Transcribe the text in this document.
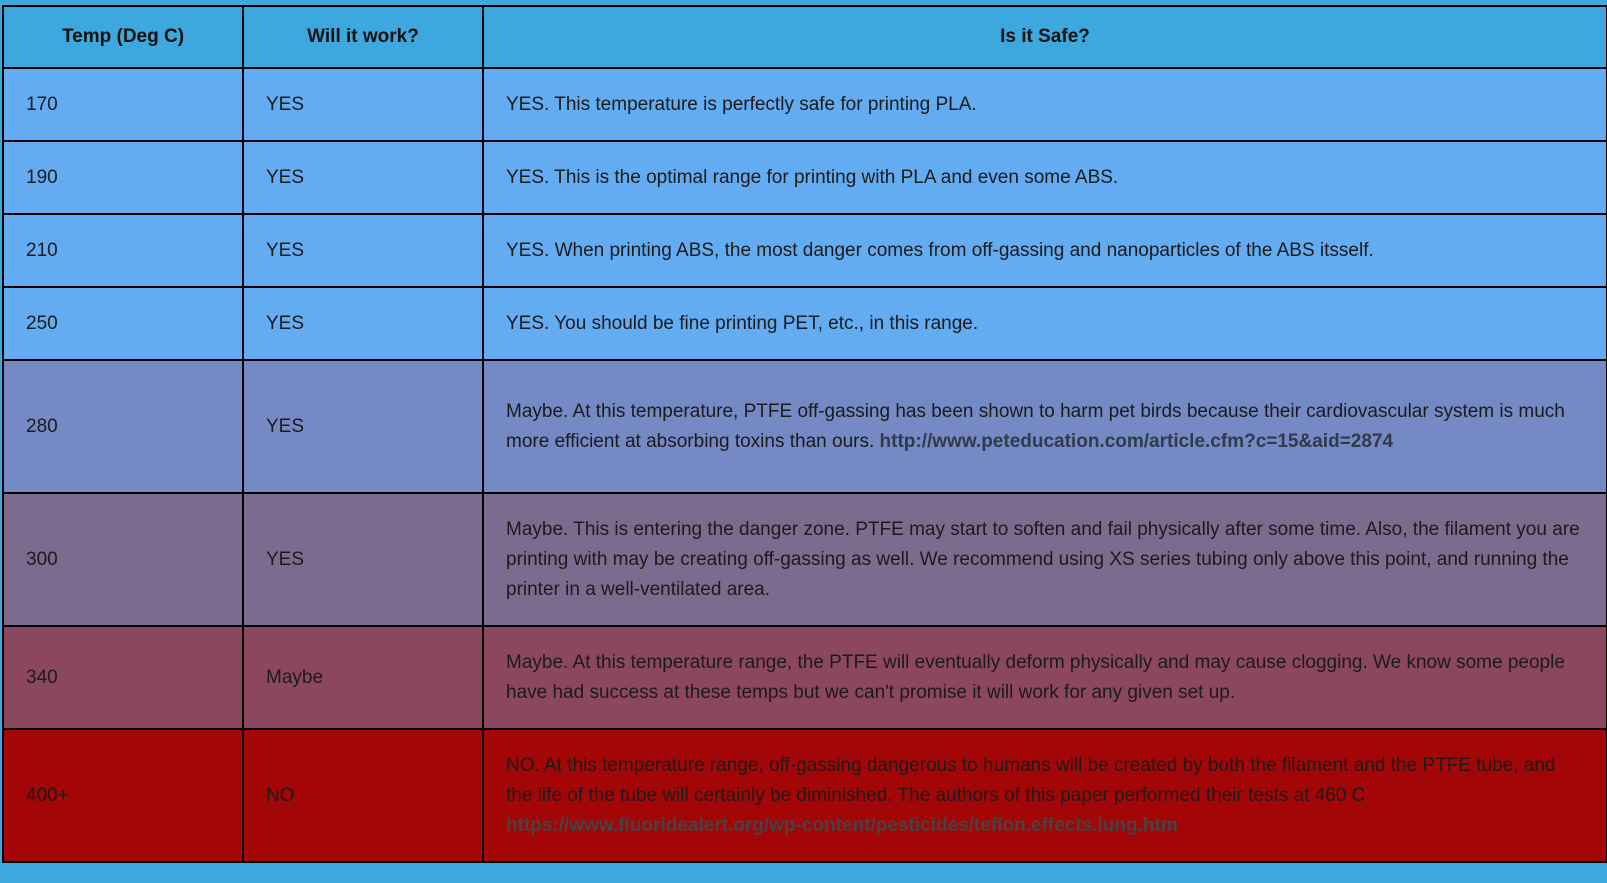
Temp (Deg C)	Will it work?	Is it Safe?
170	YES	YES. This temperature is perfectly safe for printing PLA.
190	YES	YES. This is the optimal range for printing with PLA and even some ABS.
210	YES	YES. When printing ABS, the most danger comes from off-gassing and nanoparticles of the ABS itsself.
250	YES	YES. You should be fine printing PET, etc., in this range.
280	YES	Maybe. At this temperature, PTFE off-gassing has been shown to harm pet birds because their cardiovascular system is much more efficient at absorbing toxins than ours. http://www.peteducation.com/article.cfm?c=15&aid=2874
300	YES	Maybe. This is entering the danger zone. PTFE may start to soften and fail physically after some time. Also, the filament you are printing with may be creating off-gassing as well. We recommend using XS series tubing only above this point, and running the printer in a well-ventilated area.
340	Maybe	Maybe. At this temperature range, the PTFE will eventually deform physically and may cause clogging. We know some people have had success at these temps but we can't promise it will work for any given set up.
400+	NO	NO. At this temperature range, off-gassing dangerous to humans will be created by both the filament and the PTFE tube, and the life of the tube will certainly be diminished. The authors of this paper performed their tests at 460 C https://www.fluoridealert.org/wp-content/pesticides/teflon.effects.lung.htm
